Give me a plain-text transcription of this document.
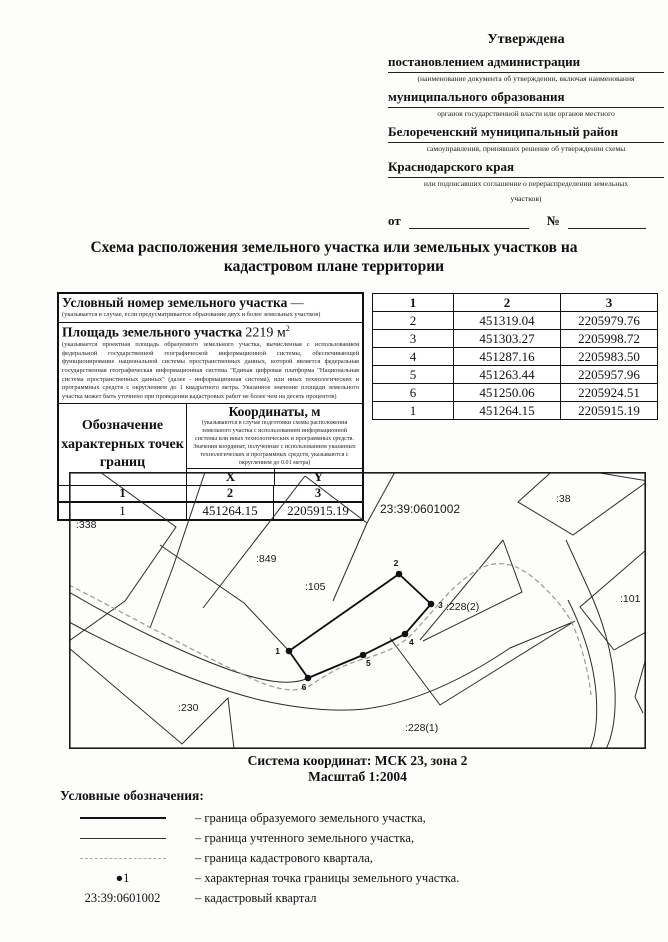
Утверждена
постановлением администрации
(наименование документа об утверждении, включая наименования
муниципального образования
органов государственной власти или органов местного
Белореченский муниципальный район
самоуправления, принявших решение об утверждении схемы
Краснодарского края
или подписавших соглашение о перераспределении земельных
участков)
от	№
Схема расположения земельного участка или земельных участков на кадастровом плане территории
Условный номер земельного участка —
(указывается в случае, если предусматривается образование двух и более земельных участков)
Площадь земельного участка 2219 $м^2$
(указывается проектная площадь образуемого земельного участка, вычисленная с использованием федеральной государственной географической информационной системы, обеспечивающей функционирование национальной системы пространственных данных, которой является федеральная государственная географическая информационная система "Единая цифровая платформа "Национальная система пространственных данных" (далее - информационная система), или иных технологических и программных средств с округлением до 1 квадратного метра. Указанное значение площади земельного участка может быть уточнено при проведении кадастровых работ не более чем на десять процентов)
Обозначение характерных точек границ
Координаты, м
(указываются в случае подготовки схемы расположения земельного участка с использованием информационной системы или иных технологических и программных средств. Значения координат, полученные с использованием указанных технологических и программных средств, указываются с округлением до 0.01 метра)
X	Y
1	2	3
1	451264.15	2205915.19
1	2	3
2	451319.04	2205979.76
3	451303.27	2205998.72
4	451287.16	2205983.50
5	451263.44	2205957.96
6	451250.06	2205924.51
1	451264.15	2205915.19
23:39:0601002
:338
:849
:105
:38
:101
:228(2)
:228(1)
:230
1
2
3
4
5
6
Система координат: МСК 23, зона 2
Масштаб 1:2004
Условные обозначения:
– граница образуемого земельного участка,
– граница учтенного земельного участка,
– граница кадастрового квартала,
●1	– характерная точка границы земельного участка.
23:39:0601002	– кадастровый квартал
